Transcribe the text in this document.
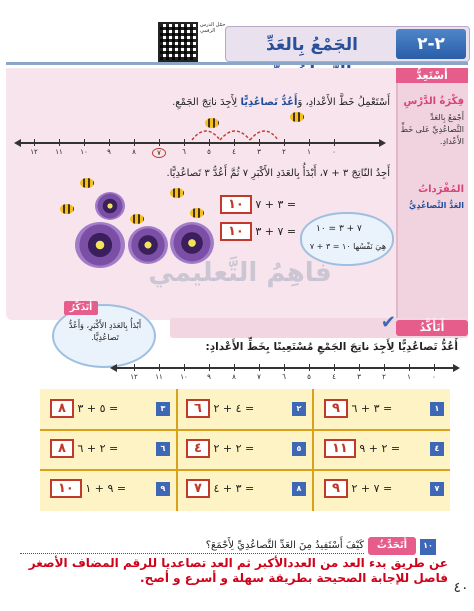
٢-٢
الجَمْعُ بِالعَدِّ
حمّل الدرس الرقمي
أسْتَعِدُّ
فِكْرَةُ الدَّرْسِ
أَجْمَعُ بِالعَدِّ التَّصاعُدِيِّ عَلى خَطِّ الأَعْدادِ.
المُفْرَداتُ
العَدُّ التَّصاعُدِيُّ
أَسْتَعْمِلُ خَطَّ الأَعْدادِ، وَأَعُدُّ تَصاعُدِيًّا لِأَجِدَ ناتِجَ الجَمْعِ.
٠
١
٢
٣
٤
٥
٦
٧
٨
٩
١٠
١١
١٢
أَجِدُ النّاتِجَ ٣ + ٧، أَبْدَأُ بِالعَدَدِ الأَكْبَرِ ٧ ثُمَّ أَعُدُّ ٣ تَصاعُدِيًّا.
١٠ ٣ + ٧ =
١٠ ٧ + ٣ = ٧ + ٣ = ١٠
هِيَ نَفْسُها ١٠ = ٣ + ٧
فاهِمُ التَّعليمي
أَتَأَكَّدُ
✔
أَتَذَكَّرُ
أَبْدَأُ بِالعَدَدِ الأَكْبَرِ، وَأَعُدُّ تَصاعُدِيًّا.
أَعُدُّ تَصاعُدِيًّا لِأَجِدَ ناتِجَ الجَمْعِ مُسْتَعِينًا بِخَطِّ الأَعْدادِ:
٠
١
٢
٣
٤
٥
٦
٧
٨
٩
١٠
١١
١٢
١
٩ ٣ + ٦ =
٢
٦ ٤ + ٢ =
٣
٨ ٥ + ٣ =
٤
١١ ٢ + ٩ =
٥
٤ ٢ + ٢ =
٦
٨ ٢ + ٦ =
٧
٩ ٧ + ٢ =
٨
٧ ٣ + ٤ =
٩
١٠ ٩ + ١ =
أَتَحَدَّثُ	١٠
كَيْفَ أَسْتَفِيدُ مِنَ العَدِّ التَّصاعُدِيِّ لِأَجْمَعَ؟
عن طريق بدء العد من العددالأكبر ثم العد تصاعديا للرقم المضاف الأصغر فاصل للإجابة الصحيحة بطريقة سهلة و أسرع و أصح.
٤٠
